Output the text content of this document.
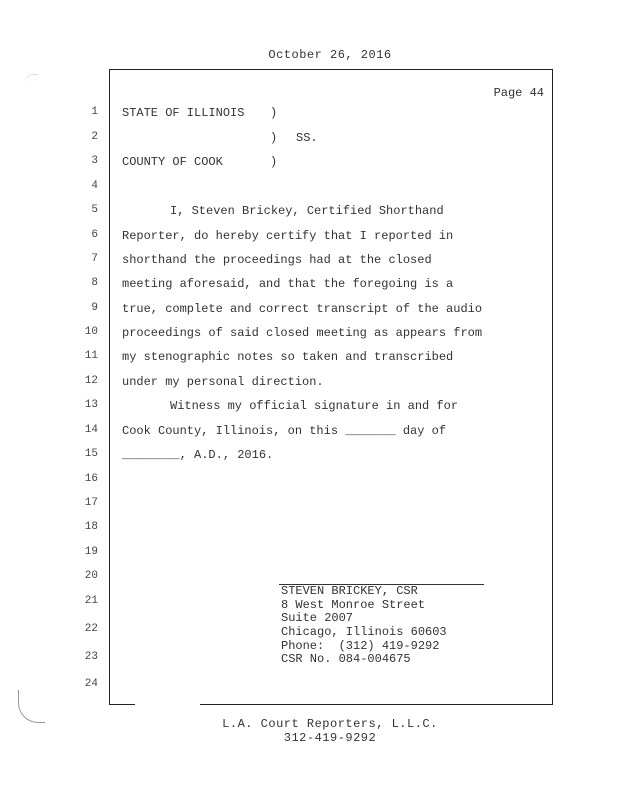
October 26, 2016
Page 44
1
2
3
4
5
6
7
8
9
10
11
12
13
14
15
16
17
18
19
20
21
22
23
24
STATE OF ILLINOIS )
) SS.
COUNTY OF COOK	)
I, Steven Brickey, Certified Shorthand
Reporter, do hereby certify that I reported in
shorthand the proceedings had at the closed
meeting aforesaid, and that the foregoing is a
true, complete and correct transcript of the audio
proceedings of said closed meeting as appears from
my stenographic notes so taken and transcribed
under my personal direction.
Witness my official signature in and for
Cook County, Illinois, on this _______ day of
________, A.D., 2016.
STEVEN BRICKEY, CSR
8 West Monroe Street
Suite 2007
Chicago, Illinois 60603
Phone:  (312) 419-9292
CSR No. 084-004675
L.A. Court Reporters, L.L.C.
312-419-9292
